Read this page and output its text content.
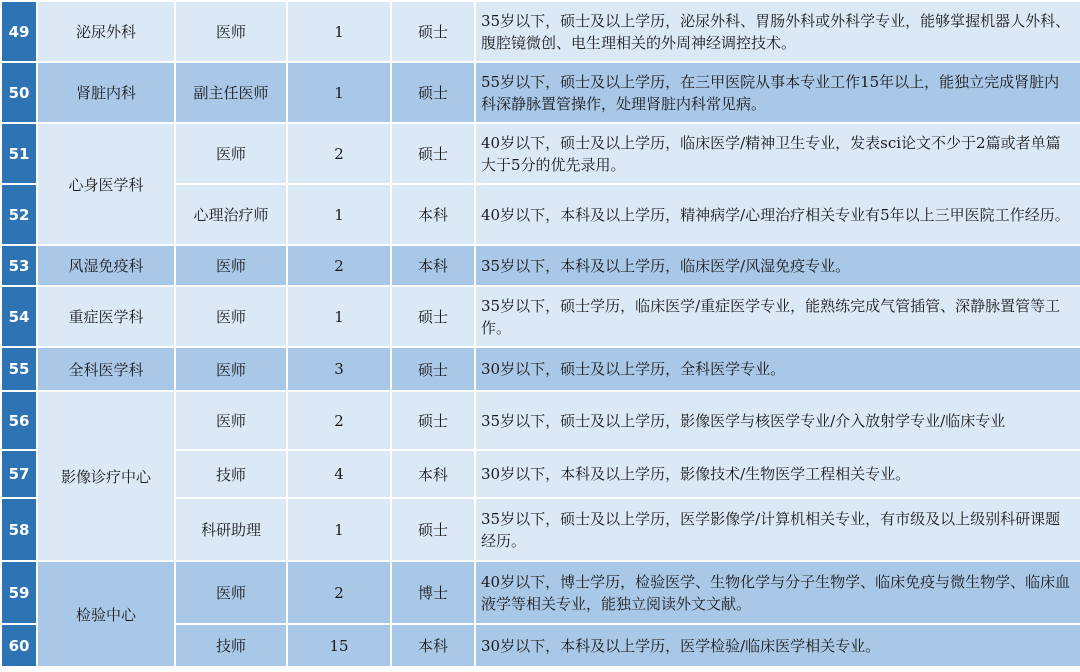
49	泌尿外科	医师	1	硕士	35岁以下，硕士及以上学历，泌尿外科、胃肠外科或外科学专业，能够掌握机器人外科、腹腔镜微创、电生理相关的外周神经调控技术。
50	肾脏内科	副主任医师	1	硕士	55岁以下，硕士及以上学历，在三甲医院从事本专业工作15年以上，能独立完成肾脏内科深静脉置管操作，处理肾脏内科常见病。
51	心身医学科	医师	2	硕士	40岁以下，硕士及以上学历，临床医学/精神卫生专业，发表sci论文不少于2篇或者单篇大于5分的优先录用。
52		心理治疗师	1	本科	40岁以下，本科及以上学历，精神病学/心理治疗相关专业有5年以上三甲医院工作经历。
53	风湿免疫科	医师	2	本科	35岁以下，本科及以上学历，临床医学/风湿免疫专业。
54	重症医学科	医师	1	硕士	35岁以下，硕士学历，临床医学/重症医学专业，能熟练完成气管插管、深静脉置管等工作。
55	全科医学科	医师	3	硕士	30岁以下，硕士及以上学历，全科医学专业。
56	影像诊疗中心	医师	2	硕士	35岁以下，硕士及以上学历，影像医学与核医学专业/介入放射学专业/临床专业
57		技师	4	本科	30岁以下，本科及以上学历，影像技术/生物医学工程相关专业。
58		科研助理	1	硕士	35岁以下，硕士及以上学历，医学影像学/计算机相关专业，有市级及以上级别科研课题经历。
59	检验中心	医师	2	博士	40岁以下，博士学历，检验医学、生物化学与分子生物学、临床免疫与微生物学、临床血液学等相关专业，能独立阅读外文文献。
60		技师	15	本科	30岁以下，本科及以上学历，医学检验/临床医学相关专业。
